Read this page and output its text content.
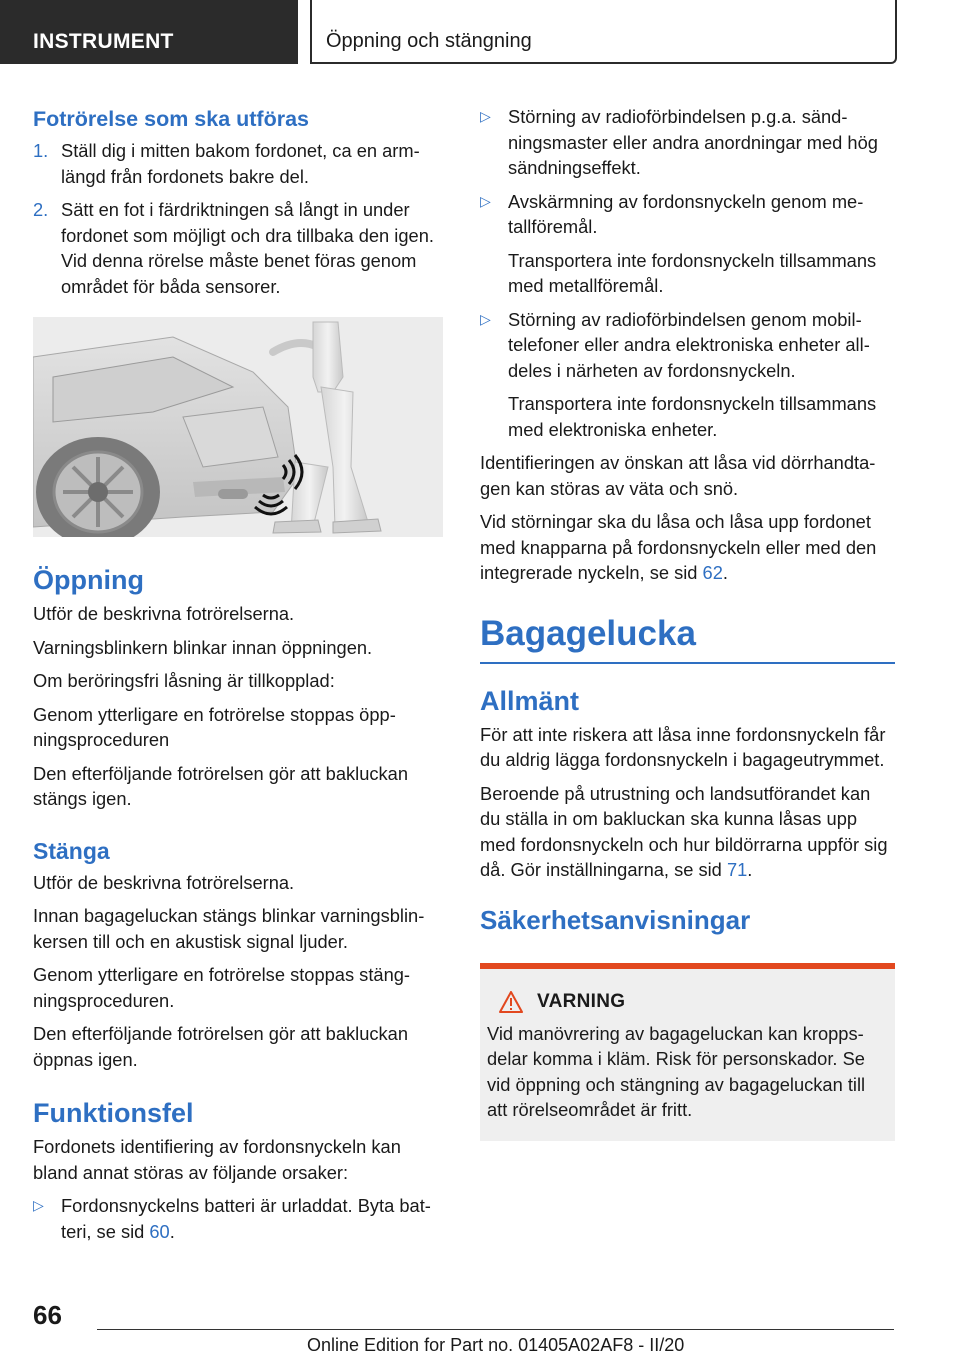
INSTRUMENT	Öppning och stängning
Fotrörelse som ska utföras
1. Ställ dig i mitten bakom fordonet, ca en armlängd från fordonets bakre del.
2. Sätt en fot i färdriktningen så långt in under fordonet som möjligt och dra tillbaka den igen. Vid denna rörelse måste benet föras genom området för båda sensorer.
Öppning

Utför de beskrivna fotrörelserna.

Varningsblinkern blinkar innan öppningen.

Om beröringsfri låsning är tillkopplad:

Genom ytterligare en fotrörelse stoppas öppningsproceduren

Den efterföljande fotrörelsen gör att bakluckan stängs igen.

Stänga

Utför de beskrivna fotrörelserna.

Innan bagageluckan stängs blinkar varningsblinkersen till och en akustisk signal ljuder.

Genom ytterligare en fotrörelse stoppas stängningsproceduren.

Den efterföljande fotrörelsen gör att bakluckan öppnas igen.

Funktionsfel

Fordonets identifiering av fordonsnyckeln kan bland annat störas av följande orsaker:

▷ Fordonsnyckelns batteri är urladdat. Byta batteri, se sid 60.
▷ Störning av radioförbindelsen p.g.a. sändningsmaster eller andra anordningar med hög sändningseffekt.
▷ Avskärmning av fordonsnyckeln genom metallföremål.
Transportera inte fordonsnyckeln tillsammans med metallföremål.
▷ Störning av radioförbindelsen genom mobiltelefoner eller andra elektroniska enheter alldeles i närheten av fordonsnyckeln.
Transportera inte fordonsnyckeln tillsammans med elektroniska enheter.

Identifieringen av önskan att låsa vid dörrhandtagen kan störas av väta och snö.

Vid störningar ska du låsa och låsa upp fordonet med knapparna på fordonsnyckeln eller med den integrerade nyckeln, se sid 62.

Bagagelucka
Allmänt

För att inte riskera att låsa inne fordonsnyckeln får du aldrig lägga fordonsnyckeln i bagageutrymmet.

Beroende på utrustning och landsutförandet kan du ställa in om bakluckan ska kunna låsas upp med fordonsnyckeln och hur bildörrarna uppför sig då. Gör inställningarna, se sid 71.

Säkerhetsanvisningar
VARNING

Vid manövrering av bagageluckan kan kroppsdelar komma i kläm. Risk för personskador. Se vid öppning och stängning av bagageluckan till att rörelseområdet är fritt.

66
Online Edition for Part no. 01405A02AF8 - II/20
